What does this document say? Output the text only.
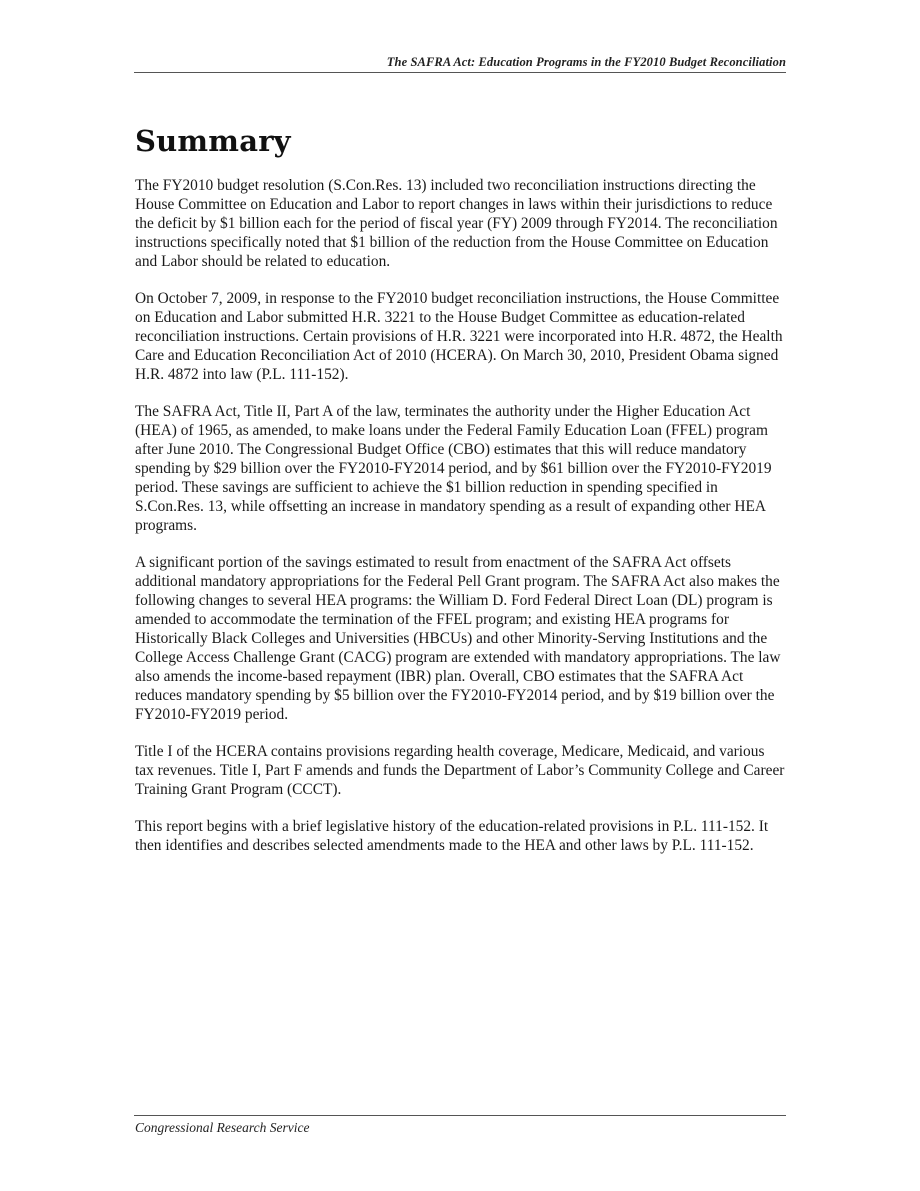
The SAFRA Act: Education Programs in the FY2010 Budget Reconciliation
Summary

The FY2010 budget resolution (S.Con.Res. 13) included two reconciliation instructions directing the House Committee on Education and Labor to report changes in laws within their jurisdictions to reduce the deficit by $1 billion each for the period of fiscal year (FY) 2009 through FY2014. The reconciliation instructions specifically noted that $1 billion of the reduction from the House Committee on Education and Labor should be related to education.

On October 7, 2009, in response to the FY2010 budget reconciliation instructions, the House Committee on Education and Labor submitted H.R. 3221 to the House Budget Committee as education-related reconciliation instructions. Certain provisions of H.R. 3221 were incorporated into H.R. 4872, the Health Care and Education Reconciliation Act of 2010 (HCERA). On March 30, 2010, President Obama signed H.R. 4872 into law (P.L. 111-152).

The SAFRA Act, Title II, Part A of the law, terminates the authority under the Higher Education Act (HEA) of 1965, as amended, to make loans under the Federal Family Education Loan (FFEL) program after June 2010. The Congressional Budget Office (CBO) estimates that this will reduce mandatory spending by $29 billion over the FY2010-FY2014 period, and by $61 billion over the FY2010-FY2019 period. These savings are sufficient to achieve the $1 billion reduction in spending specified in S.Con.Res. 13, while offsetting an increase in mandatory spending as a result of expanding other HEA programs.

A significant portion of the savings estimated to result from enactment of the SAFRA Act offsets additional mandatory appropriations for the Federal Pell Grant program. The SAFRA Act also makes the following changes to several HEA programs: the William D. Ford Federal Direct Loan (DL) program is amended to accommodate the termination of the FFEL program; and existing HEA programs for Historically Black Colleges and Universities (HBCUs) and other Minority-Serving Institutions and the College Access Challenge Grant (CACG) program are extended with mandatory appropriations. The law also amends the income-based repayment (IBR) plan. Overall, CBO estimates that the SAFRA Act reduces mandatory spending by $5 billion over the FY2010-FY2014 period, and by $19 billion over the FY2010-FY2019 period.

Title I of the HCERA contains provisions regarding health coverage, Medicare, Medicaid, and various tax revenues. Title I, Part F amends and funds the Department of Labor’s Community College and Career Training Grant Program (CCCT).

This report begins with a brief legislative history of the education-related provisions in P.L. 111-152. It then identifies and describes selected amendments made to the HEA and other laws by P.L. 111-152.

Congressional Research Service
